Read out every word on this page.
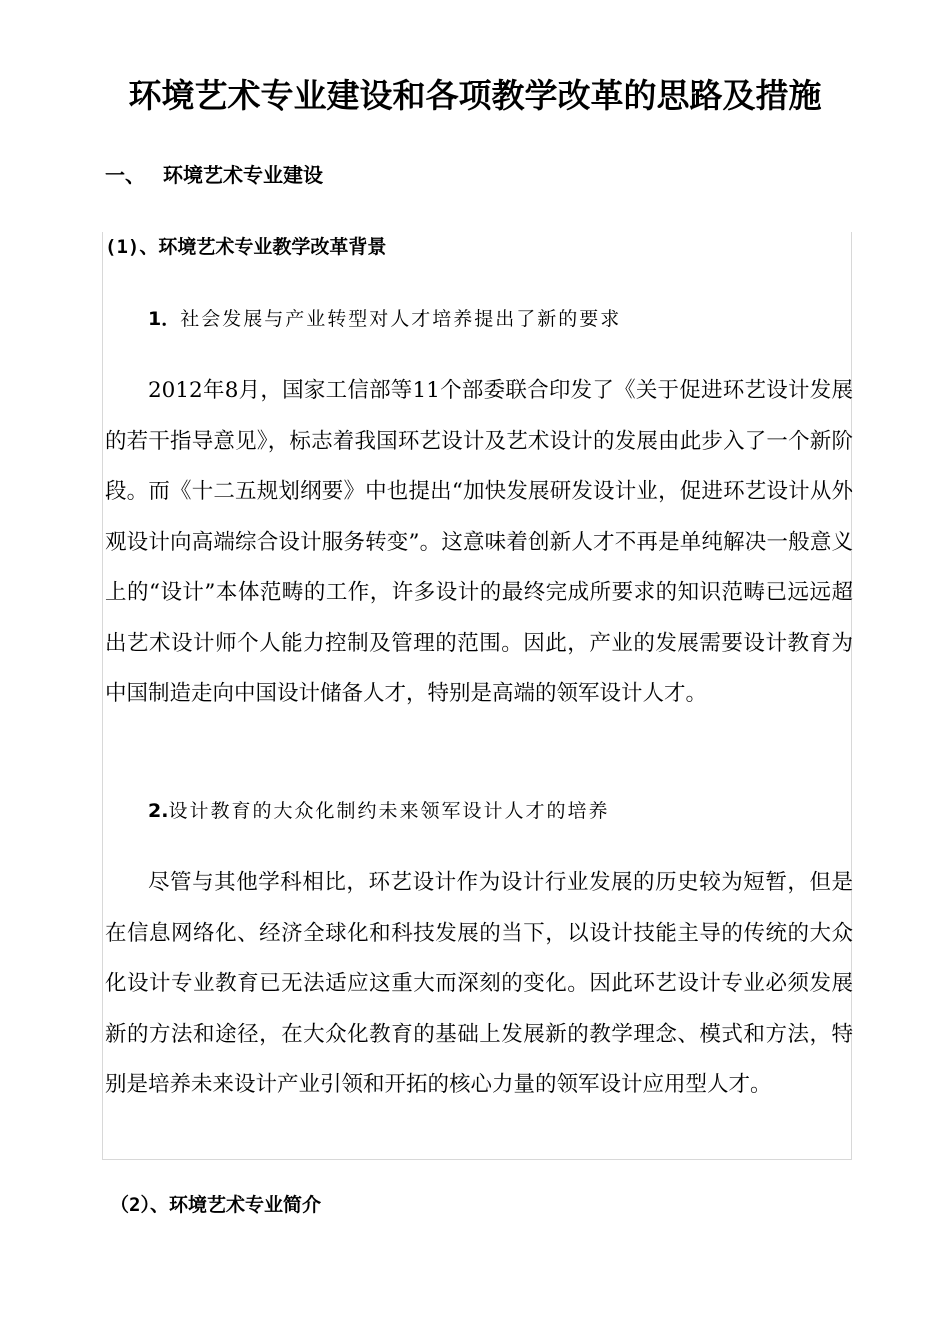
环境艺术专业建设和各项教学改革的思路及措施
一、 环境艺术专业建设
(1)、环境艺术专业教学改革背景

1．社会发展与产业转型对人才培养提出了新的要求

2012年8月，国家工信部等11个部委联合印发了《关于促进环艺设计发展的若干指导意见》，标志着我国环艺设计及艺术设计的发展由此步入了一个新阶段。而《十二五规划纲要》中也提出“加快发展研发设计业，促进环艺设计从外观设计向高端综合设计服务转变”。这意味着创新人才不再是单纯解决一般意义上的“设计”本体范畴的工作，许多设计的最终完成所要求的知识范畴已远远超出艺术设计师个人能力控制及管理的范围。因此，产业的发展需要设计教育为中国制造走向中国设计储备人才，特别是高端的领军设计人才。

2.设计教育的大众化制约未来领军设计人才的培养

尽管与其他学科相比，环艺设计作为设计行业发展的历史较为短暂，但是在信息网络化、经济全球化和科技发展的当下，以设计技能主导的传统的大众化设计专业教育已无法适应这重大而深刻的变化。因此环艺设计专业必须发展新的方法和途径，在大众化教育的基础上发展新的教学理念、模式和方法，特别是培养未来设计产业引领和开拓的核心力量的领军设计应用型人才。

（2）、环境艺术专业简介
